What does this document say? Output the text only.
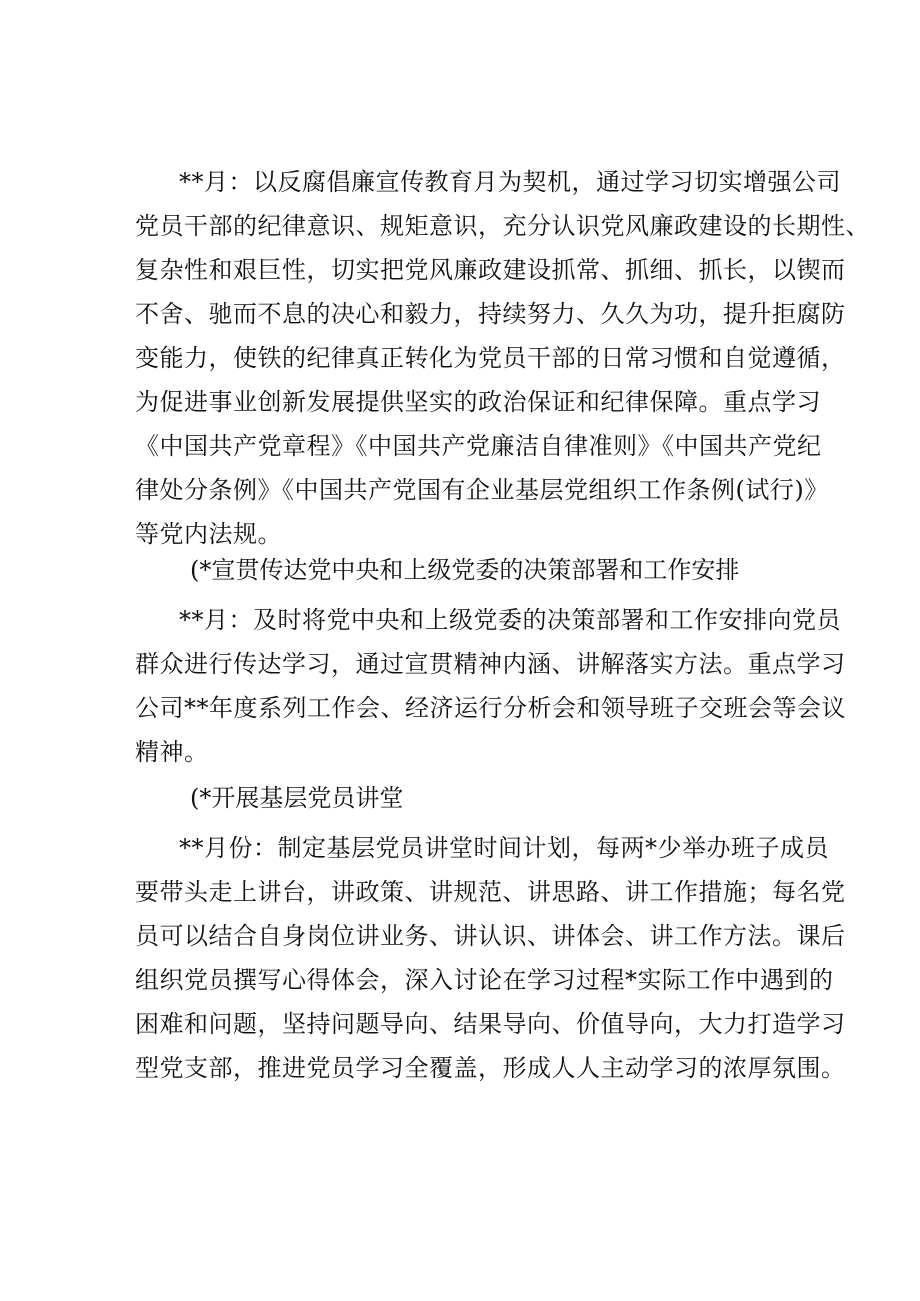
**月：以反腐倡廉宣传教育月为契机，通过学习切实增强公司
党员干部的纪律意识、规矩意识，充分认识党风廉政建设的长期性、
复杂性和艰巨性，切实把党风廉政建设抓常、抓细、抓长，以锲而
不舍、驰而不息的决心和毅力，持续努力、久久为功，提升拒腐防
变能力，使铁的纪律真正转化为党员干部的日常习惯和自觉遵循，
为促进事业创新发展提供坚实的政治保证和纪律保障。重点学习
《中国共产党章程》《中国共产党廉洁自律准则》《中国共产党纪
律处分条例》《中国共产党国有企业基层党组织工作条例(试行)》
等党内法规。
(*宣贯传达党中央和上级党委的决策部署和工作安排
**月：及时将党中央和上级党委的决策部署和工作安排向党员
群众进行传达学习，通过宣贯精神内涵、讲解落实方法。重点学习
公司**年度系列工作会、经济运行分析会和领导班子交班会等会议
精神。
(*开展基层党员讲堂
**月份：制定基层党员讲堂时间计划，每两*少举办班子成员
要带头走上讲台，讲政策、讲规范、讲思路、讲工作措施；每名党
员可以结合自身岗位讲业务、讲认识、讲体会、讲工作方法。课后
组织党员撰写心得体会，深入讨论在学习过程*实际工作中遇到的
困难和问题，坚持问题导向、结果导向、价值导向，大力打造学习
型党支部，推进党员学习全覆盖，形成人人主动学习的浓厚氛围。
